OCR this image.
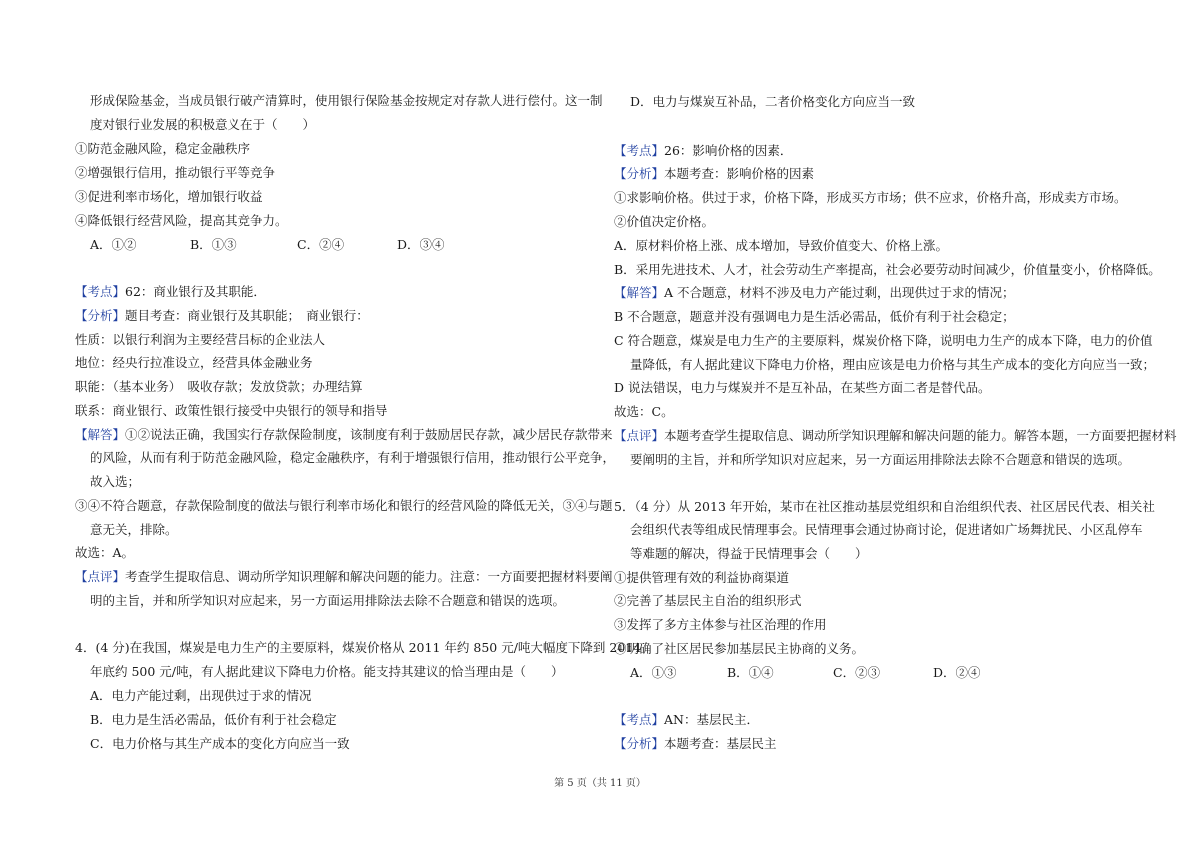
形成保险基金，当成员银行破产清算时，使用银行保险基金按规定对存款人进行偿付。这一制
度对银行业发展的积极意义在于（　　）
①防范金融风险，稳定金融秩序
②增强银行信用，推动银行平等竞争
③促进利率市场化，增加银行收益
④降低银行经营风险，提高其竞争力。
A．①②	B．①③	C．②④	D．③④
【考点】62：商业银行及其职能．
【分析】题目考查：商业银行及其职能；　商业银行：
性质：以银行利润为主要经营吕标的企业法人
地位：经央行拉准设立，经营具体金融业务
职能：（基本业务）　吸收存款；发放贷款；办理结算
联系：商业银行、政策性银行接受中央银行的领导和指导
【解答】①②说法正确，我国实行存款保险制度，该制度有利于鼓励居民存款，减少居民存款带来
的风险，从而有利于防范金融风险，稳定金融秩序，有利于增强银行信用，推动银行公平竞争，
故入选；
③④不符合题意，存款保险制度的做法与银行利率市场化和银行的经营风险的降低无关，③④与题
意无关，排除。
故选：A。
【点评】考查学生提取信息、调动所学知识理解和解决问题的能力。注意：一方面要把握材料要阐
明的主旨，并和所学知识对应起来，另一方面运用排除法去除不合题意和错误的选项。
4．(4 分)在我国，煤炭是电力生产的主要原料，煤炭价格从 2011 年约 850 元/吨大幅度下降到 2014
年底约 500 元/吨，有人据此建议下降电力价格。能支持其建议的恰当理由是（　　）
A．电力产能过剩，出现供过于求的情况
B．电力是生活必需品，低价有利于社会稳定
C．电力价格与其生产成本的变化方向应当一致
D．电力与煤炭互补品，二者价格变化方向应当一致
【考点】26：影响价格的因素．
【分析】本题考查：影响价格的因素
①求影响价格。供过于求，价格下降，形成买方市场；供不应求，价格升高，形成卖方市场。
②价值决定价格。
A．原材料价格上涨、成本增加，导致价值变大、价格上涨。
B．采用先进技术、人才，社会劳动生产率提高，社会必要劳动时间减少，价值量变小，价格降低。
【解答】A 不合题意，材料不涉及电力产能过剩，出现供过于求的情况；
B 不合题意，题意并没有强调电力是生活必需品，低价有利于社会稳定；
C 符合题意，煤炭是电力生产的主要原料，煤炭价格下降，说明电力生产的成本下降，电力的价值
量降低，有人据此建议下降电力价格，理由应该是电力价格与其生产成本的变化方向应当一致；
D 说法错误，电力与煤炭并不是互补品，在某些方面二者是替代品。
故选：C。
【点评】本题考查学生提取信息、调动所学知识理解和解决问题的能力。解答本题，一方面要把握材料
要阐明的主旨，并和所学知识对应起来，另一方面运用排除法去除不合题意和错误的选项。
5．（4 分）从 2013 年开始，某市在社区推动基层党组织和自治组织代表、社区居民代表、相关社
会组织代表等组成民情理事会。民情理事会通过协商讨论，促进诸如广场舞扰民、小区乱停车
等难题的解决，得益于民情理事会（　　）
①提供管理有效的利益协商渠道
②完善了基层民主自治的组织形式
③发挥了多方主体参与社区治理的作用
④明确了社区居民参加基层民主协商的义务。
A．①③	B．①④	C．②③	D．②④
【考点】AN：基层民主．
【分析】本题考查：基层民主
第 5 页（共 11 页）
